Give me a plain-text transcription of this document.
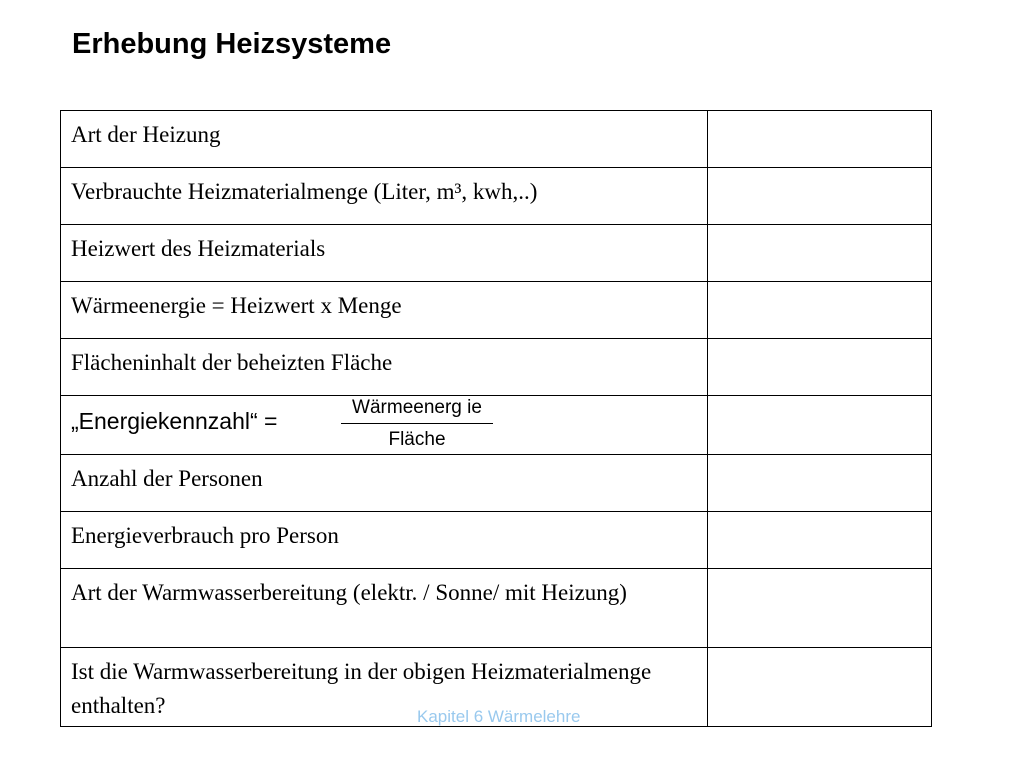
Erhebung Heizsysteme
Art der Heizung	
Verbrauchte Heizmaterialmenge (Liter, m³, kwh,..)	
Heizwert des Heizmaterials	
Wärmeenergie = Heizwert x Menge	
Flächeninhalt der beheizten Fläche	

„Energiekennzahl“ =
Wärmeenerg ie
Fläche	

Anzahl der Personen	
Energieverbrauch pro Person	
Art der Warmwasserbereitung (elektr. / Sonne/ mit Heizung)	
Ist die Warmwasserbereitung in der obigen Heizmaterialmenge enthalten?		Kapitel 6 Wärmelehre
